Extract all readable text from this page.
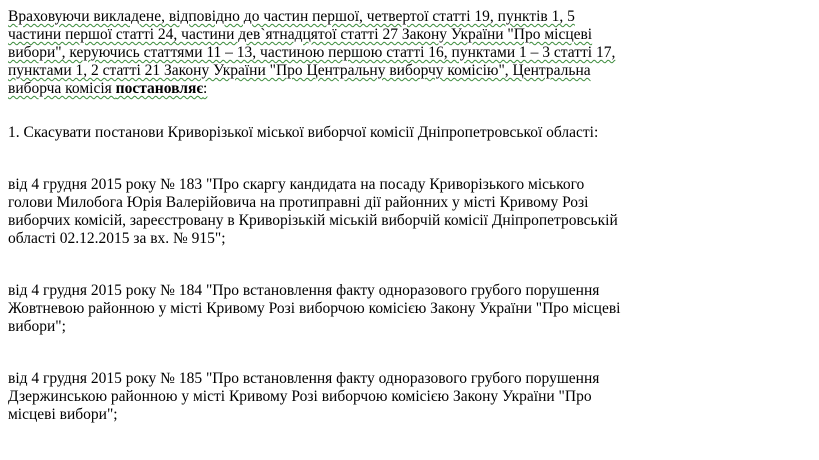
Враховуючи викладене, відповідно до частин першої, четвертої статті 19, пунктів 1, 5
частини першої статті 24, частини дев`ятнадцятої статті 27 Закону України "Про місцеві
вибори", керуючись статтями 11 – 13, частиною першою статті 16, пунктами 1 – 3 статті 17,
пунктами 1, 2 статті 21 Закону України "Про Центральну виборчу комісію", Центральна
виборча комісія постановляє:

1. Скасувати постанови Криворізької міської виборчої комісії Дніпропетровської області:

від 4 грудня 2015 року № 183 "Про скаргу кандидата на посаду Криворізького міського
голови Милобога Юрія Валерійовича на протиправні дії районних у місті Кривому Розі
виборчих комісій, зареєстровану в Криворізькій міській виборчій комісії Дніпропетровській
області 02.12.2015 за вх. № 915";

від 4 грудня 2015 року № 184 "Про встановлення факту одноразового грубого порушення
Жовтневою районною у місті Кривому Розі виборчою комісією Закону України "Про місцеві
вибори";

від 4 грудня 2015 року № 185 "Про встановлення факту одноразового грубого порушення
Дзержинською районною у місті Кривому Розі виборчою комісією Закону України "Про
місцеві вибори";
